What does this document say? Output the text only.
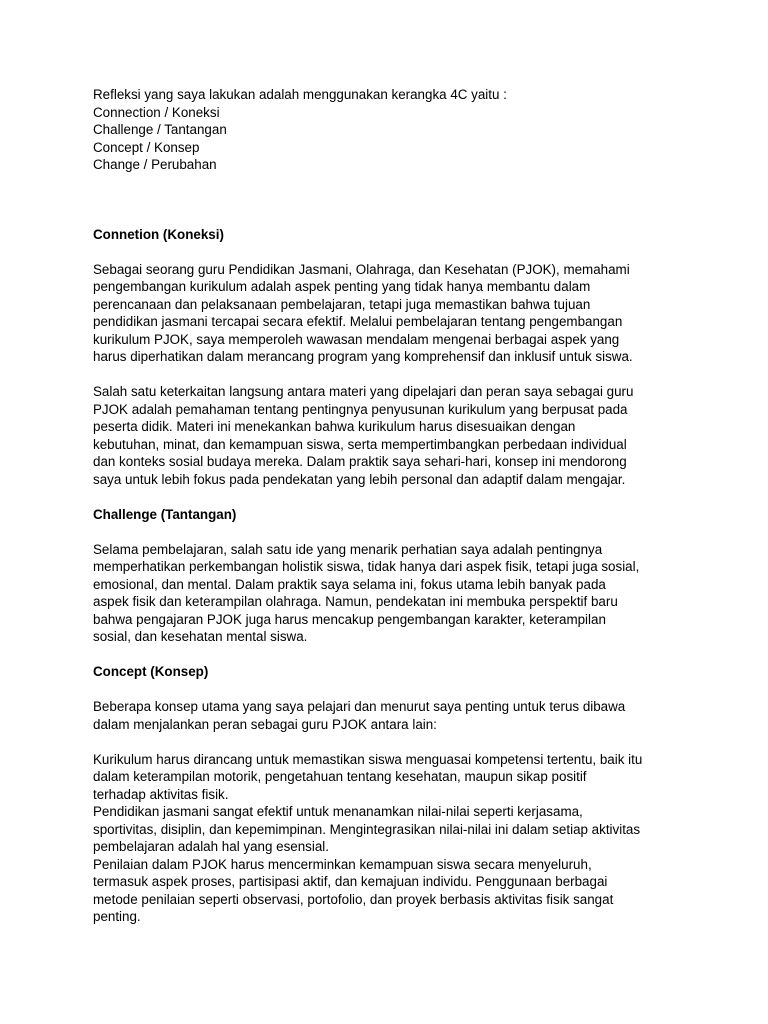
Refleksi yang saya lakukan adalah menggunakan kerangka 4C yaitu :
Connection / Koneksi
Challenge / Tantangan
Concept / Konsep
Change / Perubahan
Connetion (Koneksi)
Sebagai seorang guru Pendidikan Jasmani, Olahraga, dan Kesehatan (PJOK), memahami
pengembangan kurikulum adalah aspek penting yang tidak hanya membantu dalam
perencanaan dan pelaksanaan pembelajaran, tetapi juga memastikan bahwa tujuan
pendidikan jasmani tercapai secara efektif. Melalui pembelajaran tentang pengembangan
kurikulum PJOK, saya memperoleh wawasan mendalam mengenai berbagai aspek yang
harus diperhatikan dalam merancang program yang komprehensif dan inklusif untuk siswa.
Salah satu keterkaitan langsung antara materi yang dipelajari dan peran saya sebagai guru
PJOK adalah pemahaman tentang pentingnya penyusunan kurikulum yang berpusat pada
peserta didik. Materi ini menekankan bahwa kurikulum harus disesuaikan dengan
kebutuhan, minat, dan kemampuan siswa, serta mempertimbangkan perbedaan individual
dan konteks sosial budaya mereka. Dalam praktik saya sehari-hari, konsep ini mendorong
saya untuk lebih fokus pada pendekatan yang lebih personal dan adaptif dalam mengajar.
Challenge (Tantangan)
Selama pembelajaran, salah satu ide yang menarik perhatian saya adalah pentingnya
memperhatikan perkembangan holistik siswa, tidak hanya dari aspek fisik, tetapi juga sosial,
emosional, dan mental. Dalam praktik saya selama ini, fokus utama lebih banyak pada
aspek fisik dan keterampilan olahraga. Namun, pendekatan ini membuka perspektif baru
bahwa pengajaran PJOK juga harus mencakup pengembangan karakter, keterampilan
sosial, dan kesehatan mental siswa.
Concept (Konsep)
Beberapa konsep utama yang saya pelajari dan menurut saya penting untuk terus dibawa
dalam menjalankan peran sebagai guru PJOK antara lain:
Kurikulum harus dirancang untuk memastikan siswa menguasai kompetensi tertentu, baik itu
dalam keterampilan motorik, pengetahuan tentang kesehatan, maupun sikap positif
terhadap aktivitas fisik.
Pendidikan jasmani sangat efektif untuk menanamkan nilai-nilai seperti kerjasama,
sportivitas, disiplin, dan kepemimpinan. Mengintegrasikan nilai-nilai ini dalam setiap aktivitas
pembelajaran adalah hal yang esensial.
Penilaian dalam PJOK harus mencerminkan kemampuan siswa secara menyeluruh,
termasuk aspek proses, partisipasi aktif, dan kemajuan individu. Penggunaan berbagai
metode penilaian seperti observasi, portofolio, dan proyek berbasis aktivitas fisik sangat
penting.
